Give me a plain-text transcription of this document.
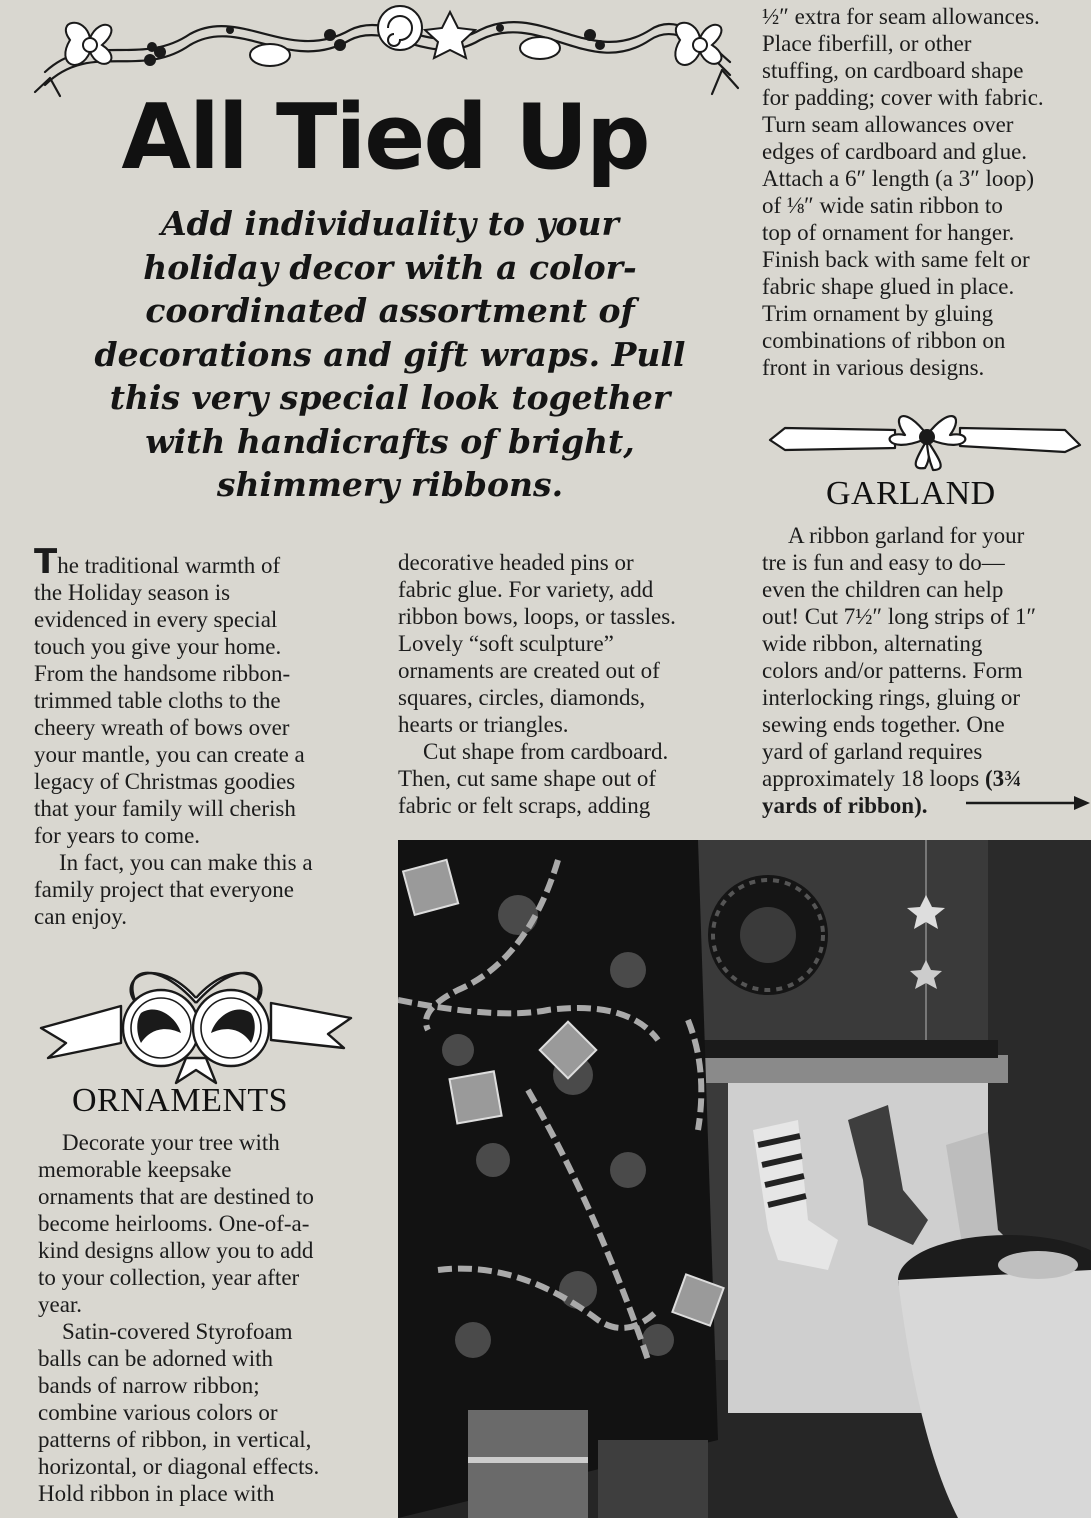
All Tied Up
Add individuality to your
holiday decor with a color-
coordinated assortment of
decorations and gift wraps. Pull
this very special look together
with handicrafts of bright,
shimmery ribbons.
The traditional warmth of
the Holiday season is
evidenced in every special
touch you give your home.
From the handsome ribbon-
trimmed table cloths to the
cheery wreath of bows over
your mantle, you can create a
legacy of Christmas goodies
that your family will cherish
for years to come.
In fact, you can make this a
family project that everyone
can enjoy.
ORNAMENTS
Decorate your tree with
memorable keepsake
ornaments that are destined to
become heirlooms. One-of-a-
kind designs allow you to add
to your collection, year after
year.
Satin-covered Styrofoam
balls can be adorned with
bands of narrow ribbon;
combine various colors or
patterns of ribbon, in vertical,
horizontal, or diagonal effects.
Hold ribbon in place with
decorative headed pins or
fabric glue. For variety, add
ribbon bows, loops, or tassles.
Lovely “soft sculpture”
ornaments are created out of
squares, circles, diamonds,
hearts or triangles.
Cut shape from cardboard.
Then, cut same shape out of
fabric or felt scraps, adding
½″ extra for seam allowances.
Place fiberfill, or other
stuffing, on cardboard shape
for padding; cover with fabric.
Turn seam allowances over
edges of cardboard and glue.
Attach a 6″ length (a 3″ loop)
of ⅛″ wide satin ribbon to
top of ornament for hanger.
Finish back with same felt or
fabric shape glued in place.
Trim ornament by gluing
combinations of ribbon on
front in various designs.
GARLAND
A ribbon garland for your
tre is fun and easy to do—
even the children can help
out! Cut 7½″ long strips of 1″
wide ribbon, alternating
colors and/or patterns. Form
interlocking rings, gluing or
sewing ends together. One
yard of garland requires
approximately 18 loops (3¾
yards of ribbon).
